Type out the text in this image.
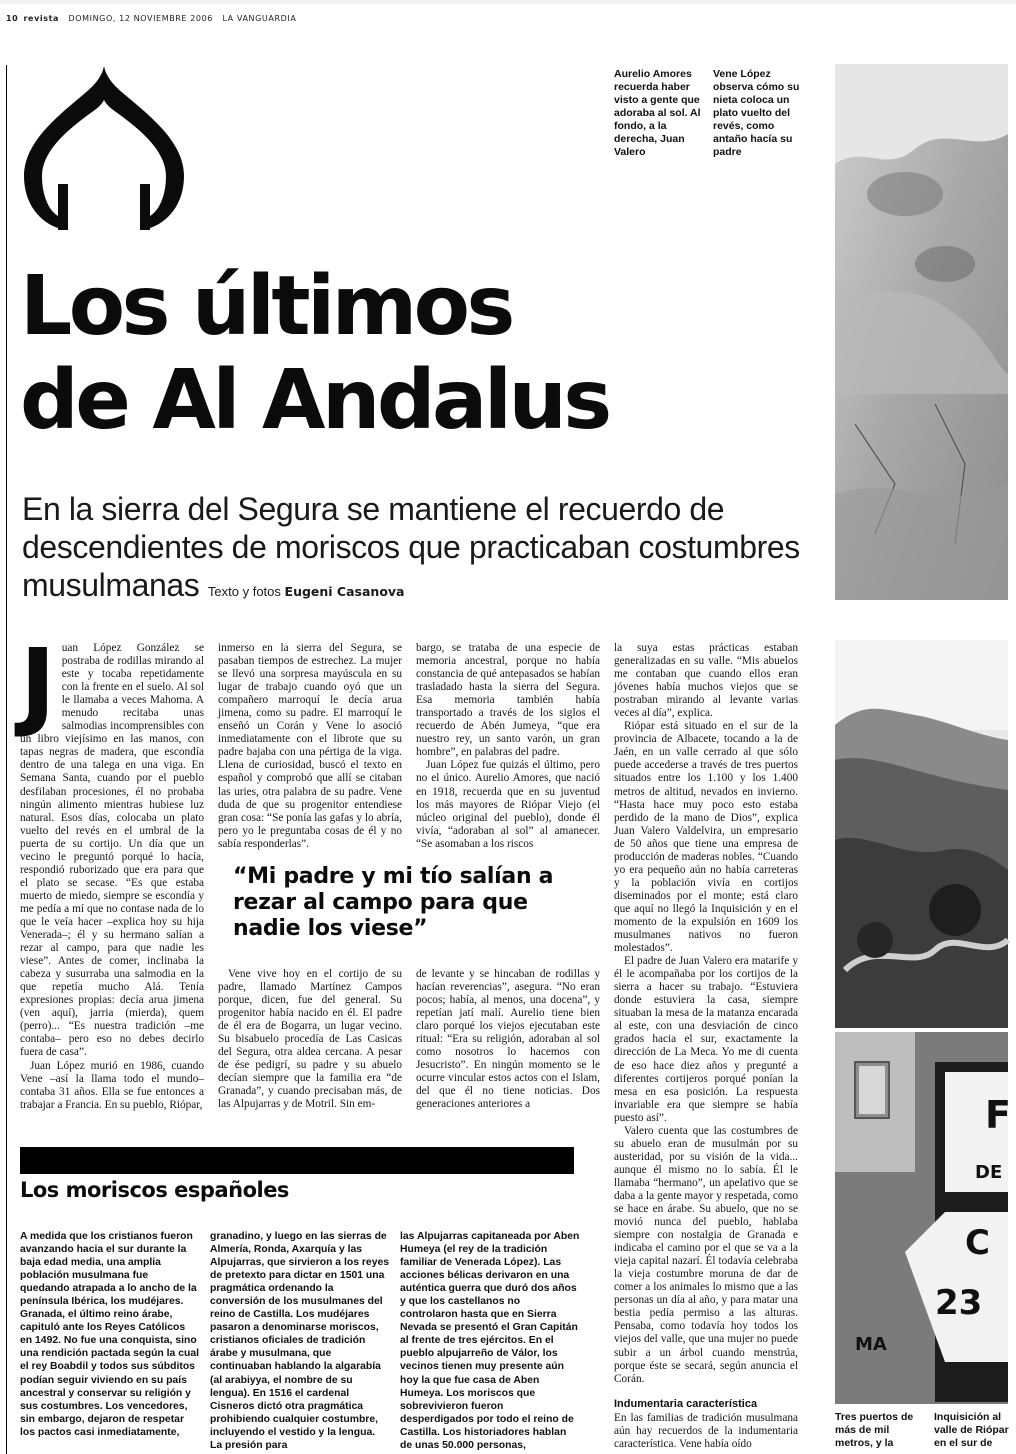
10 revista DOMINGO, 12 NOVIEMBRE 2006 LA VANGUARDIA
Aurelio Amores recuerda haber visto a gente que adoraba al sol. Al fondo, a la derecha, Juan Valero
Vene López observa cómo su nieta coloca un plato vuelto del revés, como antaño hacía su padre
Los últimos
de Al Andalus
En la sierra del Segura se mantiene el recuerdo de descendientes de moriscos que practicaban costumbres musulmanas Texto y fotos Eugeni Casanova
J uan López González se postraba de rodillas mirando al este y tocaba repetidamente con la frente en el suelo. Al sol le llamaba a veces Mahoma. A menudo recitaba unas salmodias incomprensibles con un libro viejísimo en las manos, con tapas negras de madera, que escondía dentro de una talega en una viga. En Semana Santa, cuando por el pueblo desfilaban procesiones, él no probaba ningún alimento mientras hubiese luz natural. Esos días, colocaba un plato vuelto del revés en el umbral de la puerta de su cortijo. Un día que un vecino le preguntó porqué lo hacía, respondió ruborizado que era para que el plato se secase. “Es que estaba muerto de miedo, siempre se escondía y me pedía a mí que no contase nada de lo que le veía hacer –explica hoy su hija Venerada–; él y su hermano salían a rezar al campo, para que nadie les viese”. Antes de comer, inclinaba la cabeza y susurraba una salmodia en la que repetía mucho Alá. Tenía expresiones propias: decía arua jimena (ven aquí), jarria (mierda), quem (perro)... “Es nuestra tradición –me contaba– pero eso no debes decirlo fuera de casa”.

Juan López murió en 1986, cuando Vene –así la llama todo el mundo– contaba 31 años. Ella se fue entonces a trabajar a Francia. En su pueblo, Riópar,

inmerso en la sierra del Segura, se pasaban tiempos de estrechez. La mujer se llevó una sorpresa mayúscula en su lugar de trabajo cuando oyó que un compañero marroquí le decía arua jimena, como su padre. El marroquí le enseñó un Corán y Vene lo asoció inmediatamente con el librote que su padre bajaba con una pértiga de la viga. Llena de curiosidad, buscó el texto en español y comprobó que allí se citaban las uries, otra palabra de su padre. Vene duda de que su progenitor entendiese gran cosa: “Se ponía las gafas y lo abría, pero yo le preguntaba cosas de él y no sabía responderlas”.

bargo, se trataba de una especie de memoria ancestral, porque no había constancia de qué antepasados se habían trasladado hasta la sierra del Segura. Esa memoria también había transportado a través de los siglos el recuerdo de Abén Jumeya, “que era nuestro rey, un santo varón, un gran hombre”, en palabras del padre.

Juan López fue quizás el último, pero no el único. Aurelio Amores, que nació en 1918, recuerda que en su juventud los más mayores de Riópar Viejo (el núcleo original del pueblo), donde él vivía, “adoraban al sol” al amanecer. “Se asomaban a los riscos

“Mi padre y mi tío salían a rezar al campo para que nadie los viese”

Vene vive hoy en el cortijo de su padre, llamado Martínez Campos porque, dicen, fue del general. Su progenitor había nacido en él. El padre de él era de Bogarra, un lugar vecino. Su bisabuelo procedía de Las Casicas del Segura, otra aldea cercana. A pesar de ése pedigrí, su padre y su abuelo decían siempre que la familia era “de Granada”, y cuando precisaban más, de las Alpujarras y de Motril. Sin em-

de levante y se hincaban de rodillas y hacían reverencias”, asegura. “No eran pocos; había, al menos, una docena”, y repetían jatí malí. Aurelio tiene bien claro porqué los viejos ejecutaban este ritual: “Era su religión, adoraban al sol como nosotros lo hacemos con Jesucristo”. En ningún momento se le ocurre vincular estos actos con el Islam, del que él no tiene noticias. Dos generaciones anteriores a

la suya estas prácticas estaban generalizadas en su valle. “Mis abuelos me contaban que cuando ellos eran jóvenes había muchos viejos que se postraban mirando al levante varias veces al día”, explica.

Riópar está situado en el sur de la provincia de Albacete, tocando a la de Jaén, en un valle cerrado al que sólo puede accederse a través de tres puertos situados entre los 1.100 y los 1.400 metros de altitud, nevados en invierno. “Hasta hace muy poco esto estaba perdido de la mano de Dios”, explica Juan Valero Valdelvira, un empresario de 50 años que tiene una empresa de producción de maderas nobles. “Cuando yo era pequeño aún no había carreteras y la población vivía en cortijos diseminados por el monte; está claro que aquí no llegó la Inquisición y en el momento de la expulsión en 1609 los musulmanes nativos no fueron molestados”.

El padre de Juan Valero era matarife y él le acompañaba por los cortijos de la sierra a hacer su trabajo. “Estuviera donde estuviera la casa, siempre situaban la mesa de la matanza encarada al este, con una desviación de cinco grados hacia el sur, exactamente la dirección de La Meca. Yo me di cuenta de eso hace diez años y pregunté a diferentes cortijeros porqué ponían la mesa en esa posición. La respuesta invariable era que siempre se había puesto así”.

Valero cuenta que las costumbres de su abuelo eran de musulmán por su austeridad, por su visión de la vida... aunque él mismo no lo sabía. Él le llamaba “hermano”, un apelativo que se daba a la gente mayor y respetada, como se hace en árabe. Su abuelo, que no se movió nunca del pueblo, hablaba siempre con nostalgia de Granada e indicaba el camino por el que se va a la vieja capital nazarí. Él todavía celebraba la vieja costumbre moruna de dar de comer a los animales lo mismo que a las personas un día al año, y para matar una bestia pedía permiso a las alturas. Pensaba, como todavía hoy todos los viejos del valle, que una mujer no puede subir a un árbol cuando menstrúa, porque éste se secará, según anuncia el Corán.

Indumentaria característica

En las familias de tradición musulmana aún hay recuerdos de la indumentaria característica. Vene había oído

F
DE
C
23
MA
Tres puertos de más de mil metros, y la
Inquisición al valle de Riópar en el sur de
Los moriscos españoles
A medida que los cristianos fueron avanzando hacia el sur durante la baja edad media, una amplia población musulmana fue quedando atrapada a lo ancho de la península Ibérica, los mudéjares. Granada, el último reino árabe, capituló ante los Reyes Católicos en 1492. No fue una conquista, sino una rendición pactada según la cual el rey Boabdil y todos sus súbditos podían seguir viviendo en su país ancestral y conservar su religión y sus costumbres. Los vencedores, sin embargo, dejaron de respetar los pactos casi inmediatamente,
granadino, y luego en las sierras de Almería, Ronda, Axarquía y las Alpujarras, que sirvieron a los reyes de pretexto para dictar en 1501 una pragmática ordenando la conversión de los musulmanes del reino de Castilla. Los mudéjares pasaron a denominarse moriscos, cristianos oficiales de tradición árabe y musulmana, que continuaban hablando la algarabía (al arabiyya, el nombre de su lengua). En 1516 el cardenal Cisneros dictó otra pragmática prohibiendo cualquier costumbre, incluyendo el vestido y la lengua. La presión para
las Alpujarras capitaneada por Aben Humeya (el rey de la tradición familiar de Venerada López). Las acciones bélicas derivaron en una auténtica guerra que duró dos años y que los castellanos no controlaron hasta que en Sierra Nevada se presentó el Gran Capitán al frente de tres ejércitos. En el pueblo alpujarreño de Válor, los vecinos tienen muy presente aún hoy la que fue casa de Aben Humeya. Los moriscos que sobrevivieron fueron desperdigados por todo el reino de Castilla. Los historiadores hablan de unas 50.000 personas,
